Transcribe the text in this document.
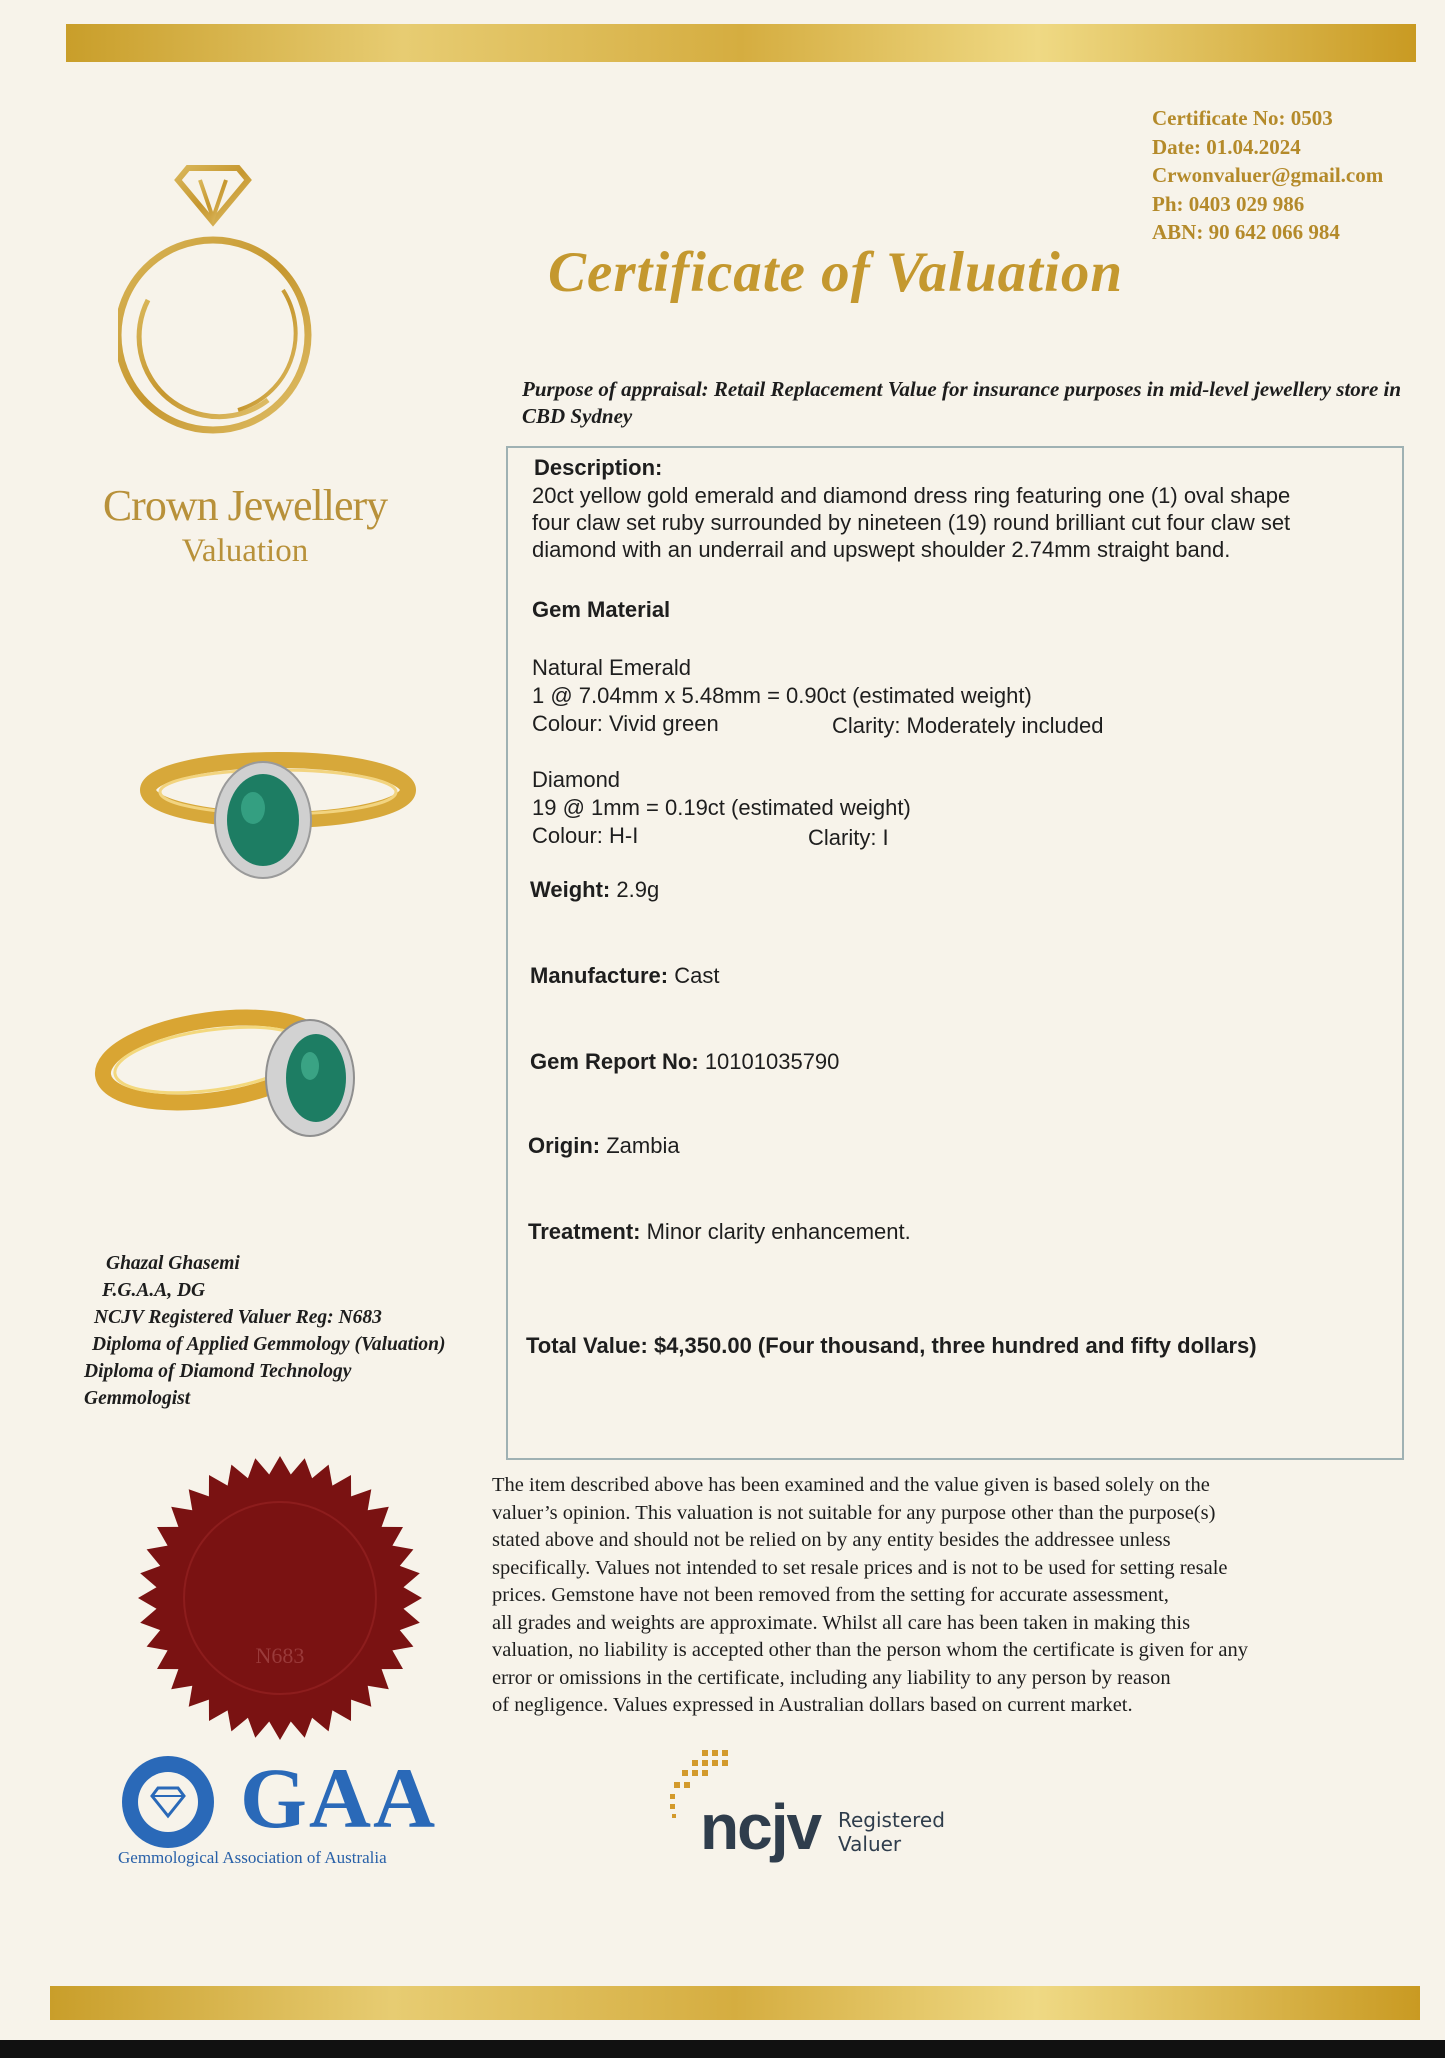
Certificate No: 0503
Date: 01.04.2024
Crwonvaluer@gmail.com
Ph: 0403 029 986
ABN: 90 642 066 984
Certificate of Valuation
Crown Jewellery
Valuation
Purpose of appraisal: Retail Replacement Value for insurance purposes in mid-level jewellery store in CBD Sydney
Description:
20ct yellow gold emerald and diamond dress ring featuring one (1) oval shape
four claw set ruby surrounded by nineteen (19) round brilliant cut four claw set
diamond with an underrail and upswept shoulder 2.74mm straight band.
Gem Material
Natural Emerald
1 @ 7.04mm x 5.48mm = 0.90ct (estimated weight)
Colour: Vivid green	Clarity: Moderately included
Diamond
19 @ 1mm = 0.19ct (estimated weight)
Colour: H-I	Clarity: I
Weight: 2.9g
Manufacture: Cast
Gem Report No: 10101035790
Origin: Zambia
Treatment: Minor clarity enhancement.
Total Value: $4,350.00 (Four thousand, three hundred and fifty dollars)
Ghazal Ghasemi
F.G.A.A, DG
NCJV Registered Valuer Reg: N683
Diploma of Applied Gemmology (Valuation)
Diploma of Diamond Technology
Gemmologist
N683
The item described above has been examined and the value given is based solely on the
valuer’s opinion. This valuation is not suitable for any purpose other than the purpose(s)
stated above and should not be relied on by any entity besides the addressee unless
specifically. Values not intended to set resale prices and is not to be used for setting resale
prices. Gemstone have not been removed from the setting for accurate assessment,
all grades and weights are approximate. Whilst all care has been taken in making this
valuation, no liability is accepted other than the person whom the certificate is given for any
error or omissions in the certificate, including any liability to any person by reason
of negligence. Values expressed in Australian dollars based on current market.
GAA
Gemmological Association of Australia	ncjv Registered
Valuer
